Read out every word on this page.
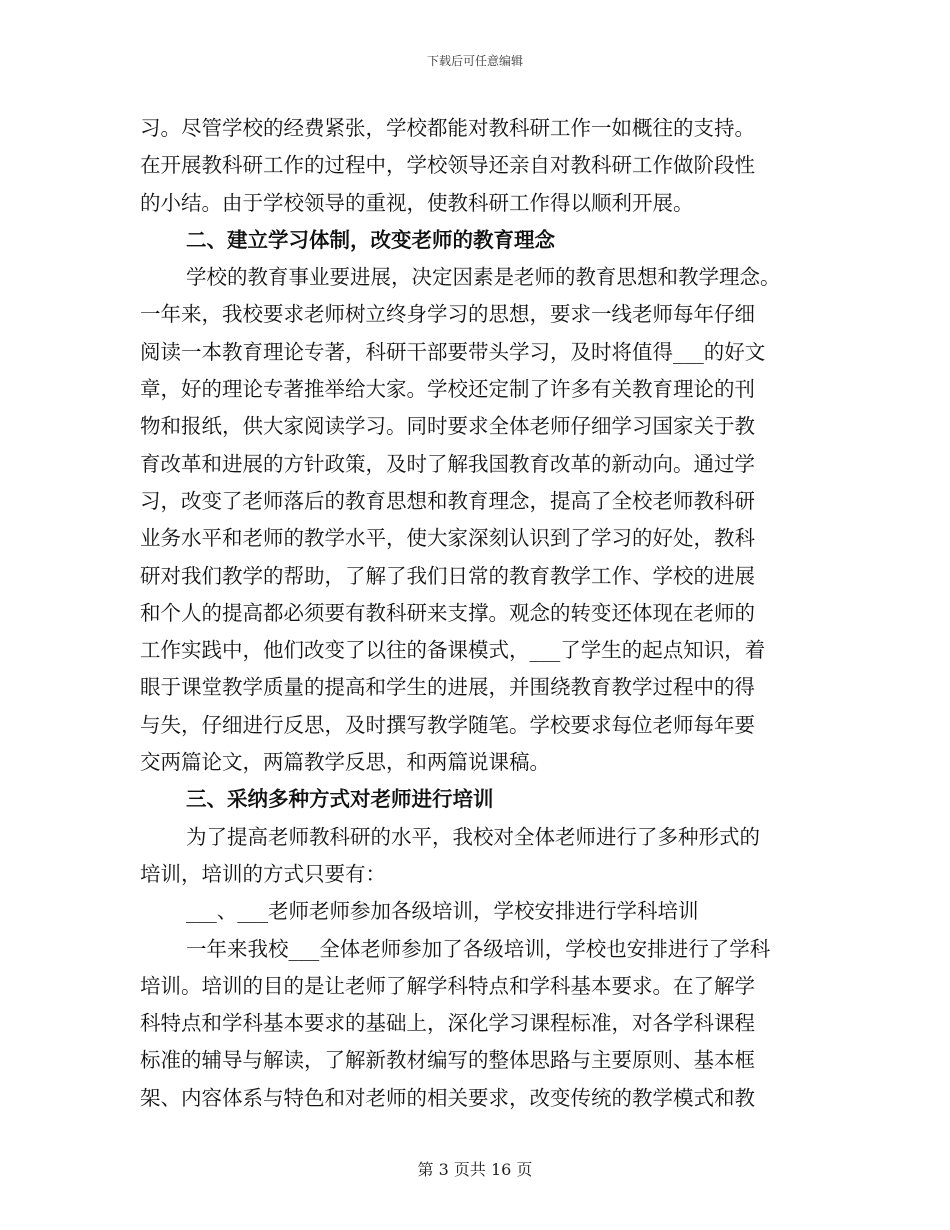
下载后可任意编辑
习。尽管学校的经费紧张，学校都能对教科研工作一如概往的支持。
在开展教科研工作的过程中，学校领导还亲自对教科研工作做阶段性
的小结。由于学校领导的重视，使教科研工作得以顺利开展。
二、建立学习体制，改变老师的教育理念
学校的教育事业要进展，决定因素是老师的教育思想和教学理念。
一年来，我校要求老师树立终身学习的思想，要求一线老师每年仔细
阅读一本教育理论专著，科研干部要带头学习，及时将值得___的好文
章，好的理论专著推举给大家。学校还定制了许多有关教育理论的刊
物和报纸，供大家阅读学习。同时要求全体老师仔细学习国家关于教
育改革和进展的方针政策，及时了解我国教育改革的新动向。通过学
习，改变了老师落后的教育思想和教育理念，提高了全校老师教科研
业务水平和老师的教学水平，使大家深刻认识到了学习的好处，教科
研对我们教学的帮助，了解了我们日常的教育教学工作、学校的进展
和个人的提高都必须要有教科研来支撑。观念的转变还体现在老师的
工作实践中，他们改变了以往的备课模式，___了学生的起点知识，着
眼于课堂教学质量的提高和学生的进展，并围绕教育教学过程中的得
与失，仔细进行反思，及时撰写教学随笔。学校要求每位老师每年要
交两篇论文，两篇教学反思，和两篇说课稿。
三、采纳多种方式对老师进行培训
为了提高老师教科研的水平，我校对全体老师进行了多种形式的
培训，培训的方式只要有：
___、___老师老师参加各级培训，学校安排进行学科培训
一年来我校___全体老师参加了各级培训，学校也安排进行了学科
培训。培训的目的是让老师了解学科特点和学科基本要求。在了解学
科特点和学科基本要求的基础上，深化学习课程标准，对各学科课程
标准的辅导与解读，了解新教材编写的整体思路与主要原则、基本框
架、内容体系与特色和对老师的相关要求，改变传统的教学模式和教
第 3 页共 16 页
